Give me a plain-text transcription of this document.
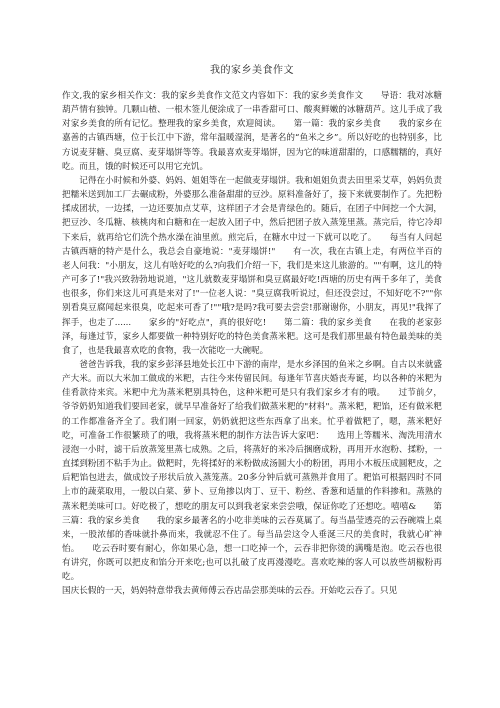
我的家乡美食作文

作文,我的家乡相关作文：我的家乡美食作文范文内容如下：我的家乡美食作文　　导语：我对冰糖葫芦情有独钟。几颗山楂、一根木签儿便涂成了一串香甜可口、酸爽鲜嫩的冰糖葫芦。这儿手成了我对家乡美食的所有记忆。整理我的家乡美食，欢迎阅读。　　第一篇：我的家乡美食　　我的家乡在嘉善的古镇西塘，位于长江中下游，常年温暖湿润，是著名的“鱼米之乡”。所以好吃的也特别多，比方说麦芽糖、臭豆腐、麦芽塌饼等等。我最喜欢麦芽塌饼，因为它的味道甜甜的，口感糯糯的，真好吃。而且，饿的时候还可以用它充饥。

　　记得在小时候和外婆、妈妈、姐姐等在一起做麦芽塌饼。我和姐姐负责去田里采艾草，妈妈负责把糯米送到加工厂去碾成粉，外婆那么准备甜甜的豆沙。原料准备好了，接下来就要制作了。先把粉揉成团状，一边揉，一边还要加点艾草，这样团子才会是青绿色的。随后，在团子中间挖一个大洞，把豆沙、冬瓜糖、核桃肉和白糖和在一起放入团子中，然后把团子放入蒸笼里蒸。蒸完后，待它冷却下来后，就再给它们洗个热水澡在油里煎。煎完后，在糖水中过一下就可以吃了。　　每当有人问起古镇西塘的特产是什么，我总会自豪地说："麦芽塌饼!"　　有一次，我在古镇上走，有两位半百的老人问我："小朋友，这儿有啥好吃的么?向我们介绍一下，我们是来这儿旅游的。""有啊，这儿的特产可多了!"我兴致勃勃地说道，"这儿就数麦芽塌饼和臭豆腐最好吃!西塘的历史有两千多年了，美食也很多，你们来这儿可真是来对了!"一位老人说："臭豆腐我听说过，但还没尝过，不知好吃不?""你别看臭豆腐闻起来很臭，吃起来可香了!""哦?是吗?我可要去尝尝!那谢谢你，小朋友，再见!"我挥了挥手，也走了......　　家乡的"好吃点"，真的很好吃!　　第二篇：我的家乡美食　　在我的老家彭泽，每逢过节，家乡人都要做一种特别好吃的特色美食蒸米粑。这可是我们那里最有特色最美味的美食了，也是我最喜欢吃的食物，我一次能吃一大碗呢。

　　爸爸告诉我，我的家乡彭泽县地处长江中下游的南岸，是水乡泽国的鱼米之乡啊。自古以来就盛产大米。而以大米加工做成的米粑，古往今来传留民间。每逢年节喜庆婚丧寿诞，均以各种的米粑为佳肴款待来宾。米粑中尤为蒸米粑别具特色，这种米粑可是只有我们家乡才有的哦。　　过节前夕，爷爷奶奶知道我们要回老家，就早早准备好了给我们做蒸米粑的"材料"。蒸米粑，粑馅，还有做米粑的工作都准备齐全了。我们刚一回家，奶奶就把这些东西拿了出来。忙乎着做粑了，嗯，蒸米粑好吃，可准备工作很繁琐了的哦，我将蒸米粑的制作方法告诉大家吧：　　选用上等糯米、淘洗用清水浸泡一小时，滤干后放蒸笼里蒸七成熟。之后，将蒸好的米冷后捆磨成粉，再用开水泡粉、揉粉，一直揉到粉团不粘手为止。做粑时，先将揉好的米粉做成汤圆大小的粉团，再用小木板压成圆粑皮，之后粑馅包进去，做成饺子形状后放入蒸笼蒸。20多分钟后就可蒸熟并食用了。粑馅可根据四时不同上市的蔬菜取用，一般以白菜、萝卜、豆角掺以肉丁、豆干、粉丝、香葱和适量的作料掺和。蒸熟的蒸米粑美味可口。好吃极了，想吃的朋友可以到我老家来尝尝哦，保证你吃了还想吃。嘻嘻&　　第三篇：我的家乡美食　　我的家乡最著名的小吃非美味的云吞莫属了。每当晶莹透亮的云吞碗端上桌来，一股浓郁的香味就扑鼻而来，我就忍不住了。每当品尝这令人垂涎三尺的美食时，我就心旷神怡。　　吃云吞时要有耐心，你如果心急，想一口吃掉一个，云吞非把你烫的满嘴是泡。吃云吞也很有讲究，你既可以把皮和馅分开来吃;也可以扎破了皮再漫漫吃。喜欢吃辣的客人可以放些胡椒粉再吃。

国庆长假的一天，妈妈特意带我去黄师傅云吞店品尝那美味的云吞。开始吃云吞了。只见
